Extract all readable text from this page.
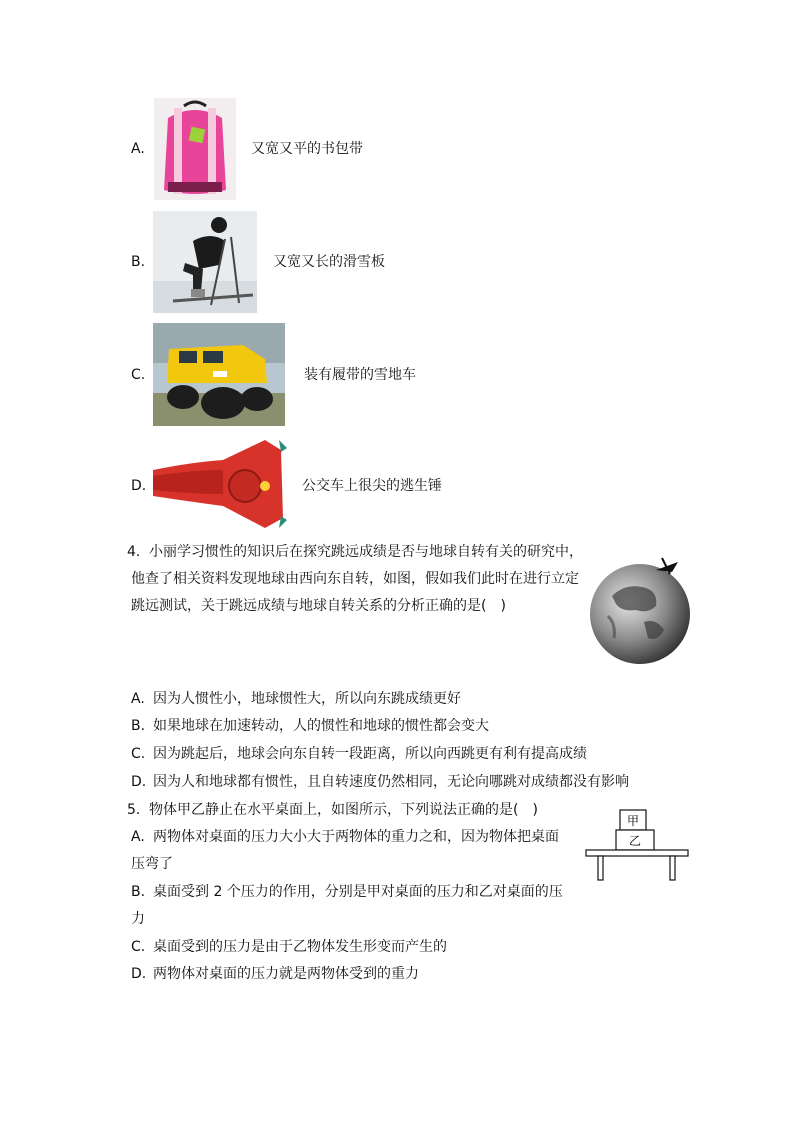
A.	又宽又平的书包带
B.	又宽又长的滑雪板
C.	装有履带的雪地车
D.	公交车上很尖的逃生锤
4. 小丽学习惯性的知识后在探究跳远成绩是否与地球自转有关的研究中，
他查了相关资料发现地球由西向东自转，如图，假如我们此时在进行立定
跳远测试，关于跳远成绩与地球自转关系的分析正确的是(　)
A. 因为人惯性小，地球惯性大，所以向东跳成绩更好
B. 如果地球在加速转动，人的惯性和地球的惯性都会变大
C. 因为跳起后，地球会向东自转一段距离，所以向西跳更有利有提高成绩
D. 因为人和地球都有惯性，且自转速度仍然相同，无论向哪跳对成绩都没有影响
5. 物体甲乙静止在水平桌面上，如图所示，下列说法正确的是(　)
甲
乙
A. 两物体对桌面的压力大小大于两物体的重力之和，因为物体把桌面
压弯了
B. 桌面受到 2 个压力的作用，分别是甲对桌面的压力和乙对桌面的压
力
C. 桌面受到的压力是由于乙物体发生形变而产生的
D. 两物体对桌面的压力就是两物体受到的重力
